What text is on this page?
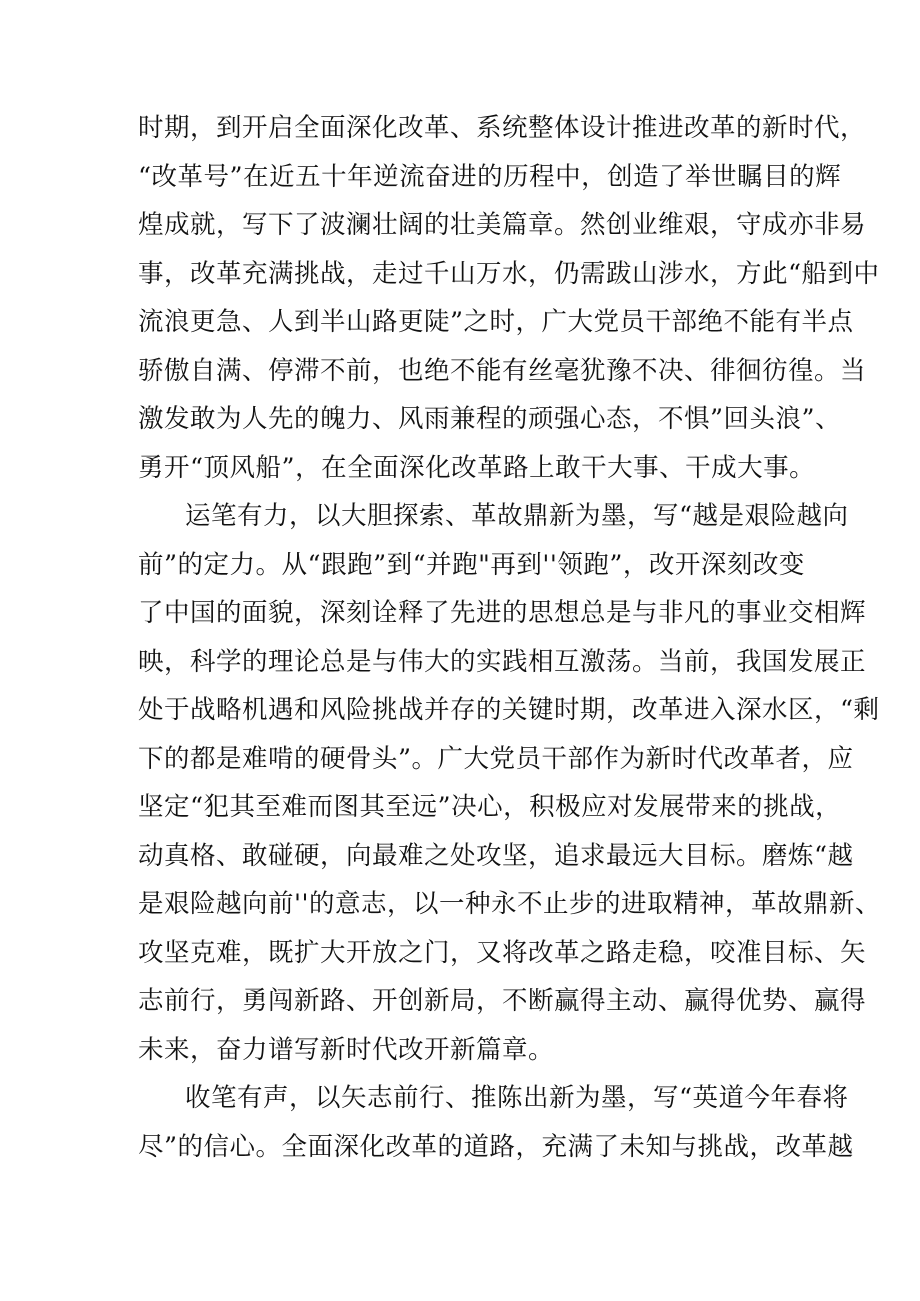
时期，到开启全面深化改革、系统整体设计推进改革的新时代，
“改革号”在近五十年逆流奋进的历程中，创造了举世瞩目的辉
煌成就，写下了波澜壮阔的壮美篇章。然创业维艰，守成亦非易
事，改革充满挑战，走过千山万水，仍需跋山涉水，方此“船到中
流浪更急、人到半山路更陡”之时，广大党员干部绝不能有半点
骄傲自满、停滞不前，也绝不能有丝毫犹豫不决、徘徊彷徨。当
激发敢为人先的魄力、风雨兼程的顽强心态，不惧”回头浪”、
勇开“顶风船”，在全面深化改革路上敢干大事、干成大事。
运笔有力，以大胆探索、革故鼎新为墨，写“越是艰险越向
前”的定力。从“跟跑”到“并跑"再到''领跑”，改开深刻改变
了中国的面貌，深刻诠释了先进的思想总是与非凡的事业交相辉
映，科学的理论总是与伟大的实践相互激荡。当前，我国发展正
处于战略机遇和风险挑战并存的关键时期，改革进入深水区，“剩
下的都是难啃的硬骨头”。广大党员干部作为新时代改革者，应
坚定“犯其至难而图其至远”决心，积极应对发展带来的挑战，
动真格、敢碰硬，向最难之处攻坚，追求最远大目标。磨炼“越
是艰险越向前''的意志，以一种永不止步的进取精神，革故鼎新、
攻坚克难，既扩大开放之门，又将改革之路走稳，咬准目标、矢
志前行，勇闯新路、开创新局，不断赢得主动、赢得优势、赢得
未来，奋力谱写新时代改开新篇章。
收笔有声，以矢志前行、推陈出新为墨，写“英道今年春将
尽”的信心。全面深化改革的道路，充满了未知与挑战，改革越
